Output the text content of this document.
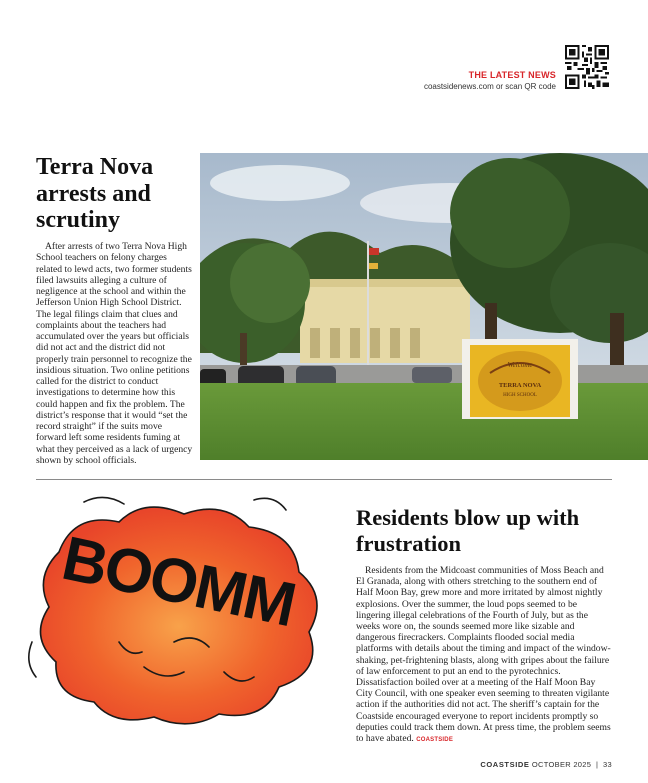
THE LATEST NEWS
coastsidenews.com or scan QR code
Terra Nova arrests and scrutiny

After arrests of two Terra Nova High School teachers on felony charges related to lewd acts, two former students filed lawsuits alleging a culture of negligence at the school and within the Jefferson Union High School District. The legal filings claim that clues and complaints about the teachers had accumulated over the years but officials did not act and the district did not properly train personnel to recognize the insidious situation. Two online petitions called for the district to conduct investigations to determine how this could happen and fix the problem. The district’s response that it would “set the record straight” if the suits move forward left some residents fuming at what they perceived as a lack of urgency shown by school officials.

Welcome
TERRA NOVA
HIGH SCHOOL
BOOMM
Residents blow up with frustration

Residents from the Midcoast communities of Moss Beach and El Granada, along with others stretching to the southern end of Half Moon Bay, grew more and more irritated by almost nightly explosions. Over the summer, the loud pops seemed to be lingering illegal celebrations of the Fourth of July, but as the weeks wore on, the sounds seemed more like sizable and dangerous firecrackers. Complaints flooded social media platforms with details about the timing and impact of the window-shaking, pet-frightening blasts, along with gripes about the failure of law enforcement to put an end to the pyrotechnics. Dissatisfaction boiled over at a meeting of the Half Moon Bay City Council, with one speaker even seeming to threaten vigilante action if the authorities did not act. The sheriff’s captain for the Coastside encouraged everyone to report incidents promptly so deputies could track them down. At press time, the problem seems to have abated. COASTSIDE

COASTSIDE OCTOBER 2025  |  33
